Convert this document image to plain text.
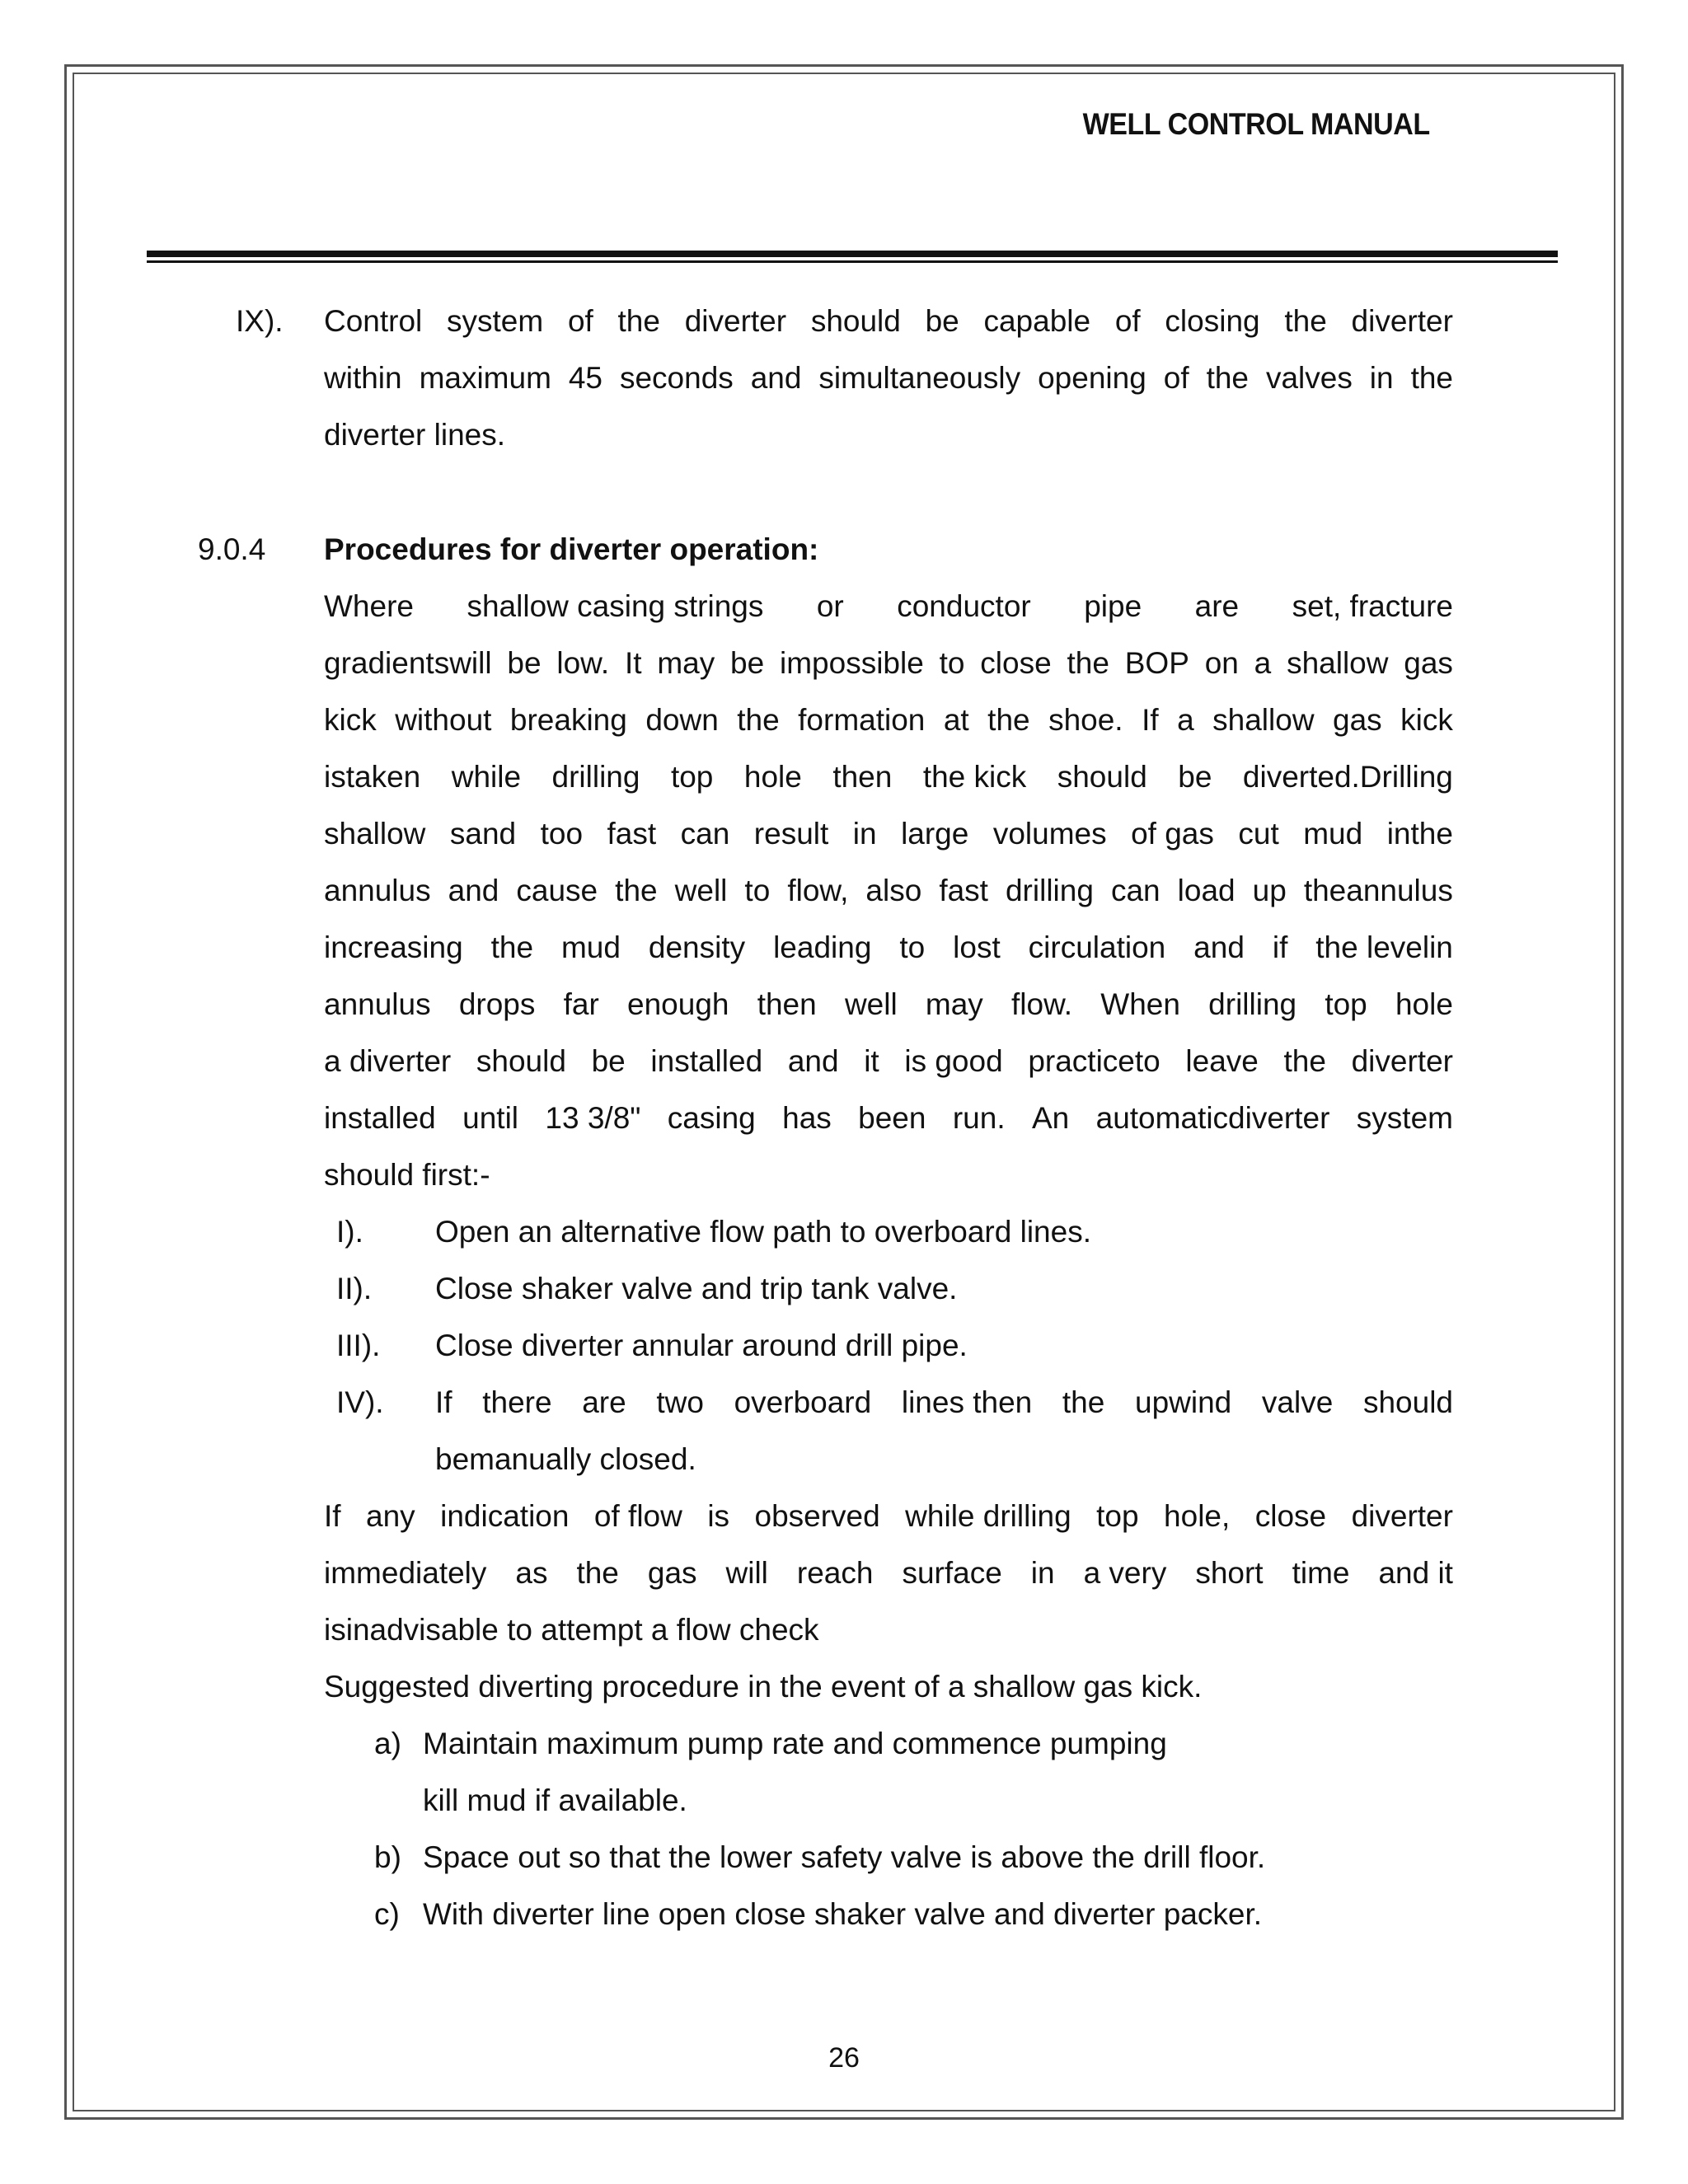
WELL CONTROL MANUAL
IX). Control system of the diverter should be capable of closing the diverter
within maximum 45 seconds and simultaneously opening of the valves in the
diverter lines.
9.0.4 Procedures for diverter operation:
Where shallow casing strings or conductor pipe are set, fracture
gradientswill be low. It may be impossible to close the BOP on a shallow gas
kick without breaking down the formation at the shoe. If a shallow gas kick
istaken while drilling top hole then the kick should be diverted.Drilling
shallow sand too fast can result in large volumes of gas cut mud inthe
annulus and cause the well to flow, also fast drilling can load up theannulus
increasing the mud density leading to lost circulation and if the levelin
annulus drops far enough then well may flow. When drilling top hole
a diverter should be installed and it is good practiceto leave the diverter
installed until 13 3/8" casing has been run. An automaticdiverter system
should first:-
I). Open an alternative flow path to overboard lines.
II). Close shaker valve and trip tank valve.
III). Close diverter annular around drill pipe.
IV). If there are two overboard lines then the upwind valve should
bemanually closed.
If any indication of flow is observed while drilling top hole, close diverter
immediately as the gas will reach surface in a very short time and it
isinadvisable to attempt a flow check
Suggested diverting procedure in the event of a shallow gas kick.
a) Maintain maximum pump rate and commence pumping
kill mud if available.
b) Space out so that the lower safety valve is above the drill floor.
c) With diverter line open close shaker valve and diverter packer.
26
